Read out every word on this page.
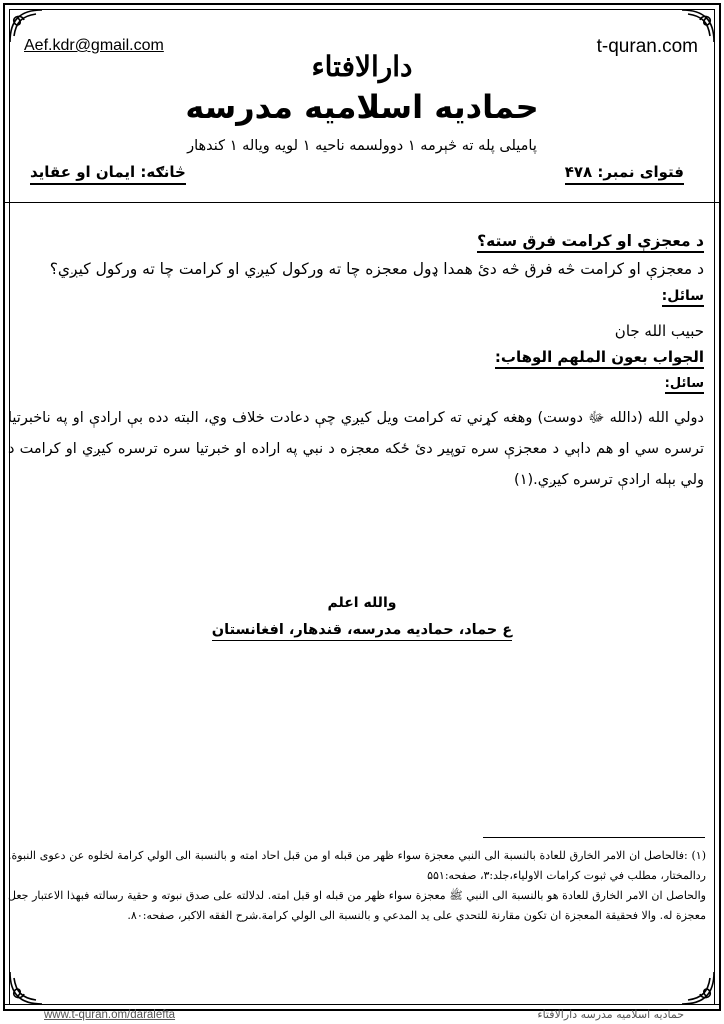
Aef.kdr@gmail.com	t-quran.com
دارالافتاء
حمادیه اسلامیه مدرسه
پامیلی پله ته څېرمه ۱ دوولسمه ناحیه ۱ لویه ویاله ۱ کندهار
فتوای نمبر: ۴۷۸
څانګه: ایمان او عقاید
د معجزې او کرامت فرق سته؟
د معجزې او کرامت څه فرق څه دئ همدا ډول معجزه چا ته ورکول کیږي او کرامت چا ته ورکول کیږي؟
سائل:
حبيب الله جان
الجواب بعون الملهم الوهاب:
سائل:
دولي الله (دالله ﷻ دوست) وهغه کړني ته کرامت ويل کيږي چې دعادت خلاف وي، البته دده بې ارادې او په ناخبرتيا ترسره سي او هم داېي د معجزې سره توپير دئ ځکه معجزه د نبي په اراده او خبرتيا سره ترسره کيږي او کرامت د ولي بېله ارادې ترسره کيږي.(۱)
والله اعلم
ع حماد، حمادیه مدرسه، قندهار، افغانستان

(۱) :فالحاصل ان الامر الخارق للعادة بالنسبة الى النبي معجزة سواء ظهر من قبله او من قبل احاد امته و بالنسبة الى الولي كرامة لخلوه عن دعوى النبوة. ردالمختار، مطلب في ثبوت كرامات الاولياء،جلد:۳، صفحه:۵۵۱

والحاصل ان الامر الخارق للعادة هو بالنسبة الى النبي ﷺ معجزة سواء ظهر من قبله او قبل امته. لدلالته على صدق نبوته و حقية رسالته فبهذا الاعتبار جعل معجزة له. والا فحقيقة المعجزة ان تكون مقارنة للتحدي على يد المدعي و بالنسبة الى الولي كرامة.شرح الفقه الاكبر، صفحه:۸۰.

www.t-quran.om/daralefta	حمادیه اسلامیه مدرسه دارالافتاء
